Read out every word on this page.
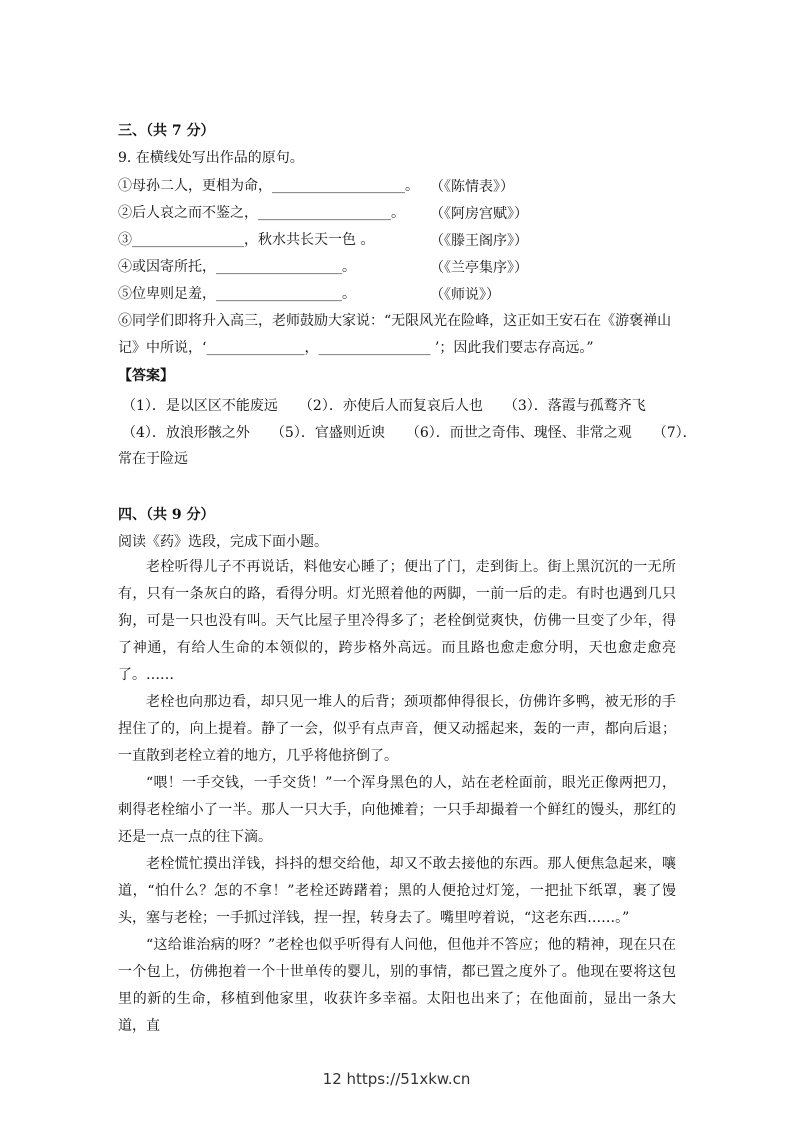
三、（共 7 分）
9. 在横线处写出作品的原句。
①母孙二人，更相为命，___________________。 （《陈情表》）
②后人哀之而不鉴之，___________________。 （《阿房宫赋》）
③________________，秋水共长天一色 。	（《滕王阁序》）
④或因寄所托，__________________。	（《兰亭集序》）
⑤位卑则足羞，__________________。	（《师说》）
⑥同学们即将升入高三，老师鼓励大家说：“无限风光在险峰，这正如王安石在《游褒禅山
记》中所说，‘______________，________________ ’；因此我们要志存高远。”
【答案】
（1）．是以区区不能废远　　（2）．亦使后人而复哀后人也　　（3）．落霞与孤鹜齐飞
（4）．放浪形骸之外　　（5）．官盛则近谀　　（6）．而世之奇伟、瑰怪、非常之观　　（7）．
常在于险远
四、（共 9 分）
阅读《药》选段，完成下面小题。
老栓听得儿子不再说话，料他安心睡了；便出了门，走到街上。街上黑沉沉的一无所有，只有一条灰白的路，看得分明。灯光照着他的两脚，一前一后的走。有时也遇到几只狗，可是一只也没有叫。天气比屋子里冷得多了；老栓倒觉爽快，仿佛一旦变了少年，得了神通，有给人生命的本领似的，跨步格外高远。而且路也愈走愈分明，天也愈走愈亮了。 ……
老栓也向那边看，却只见一堆人的后背；颈项都伸得很长，仿佛许多鸭，被无形的手捏住了的，向上提着。静了一会，似乎有点声音，便又动摇起来，轰的一声，都向后退；一直散到老栓立着的地方，几乎将他挤倒了。
“喂！一手交钱，一手交货！”一个浑身黑色的人，站在老栓面前，眼光正像两把刀，刺得老栓缩小了一半。那人一只大手，向他摊着；一只手却撮着一个鲜红的馒头，那红的还是一点一点的往下滴。
老栓慌忙摸出洋钱，抖抖的想交给他，却又不敢去接他的东西。那人便焦急起来，嚷道，“怕什么？怎的不拿！”老栓还踌躇着；黑的人便抢过灯笼，一把扯下纸罩，裹了馒头，塞与老栓；一手抓过洋钱，捏一捏，转身去了。嘴里哼着说，“这老东西……。”
“这给谁治病的呀？”老栓也似乎听得有人问他，但他并不答应；他的精神，现在只在一个包上，仿佛抱着一个十世单传的婴儿，别的事情，都已置之度外了。他现在要将这包里的新的生命，移植到他家里，收获许多幸福。太阳也出来了；在他面前，显出一条大道，直
12 https://51xkw.cn
